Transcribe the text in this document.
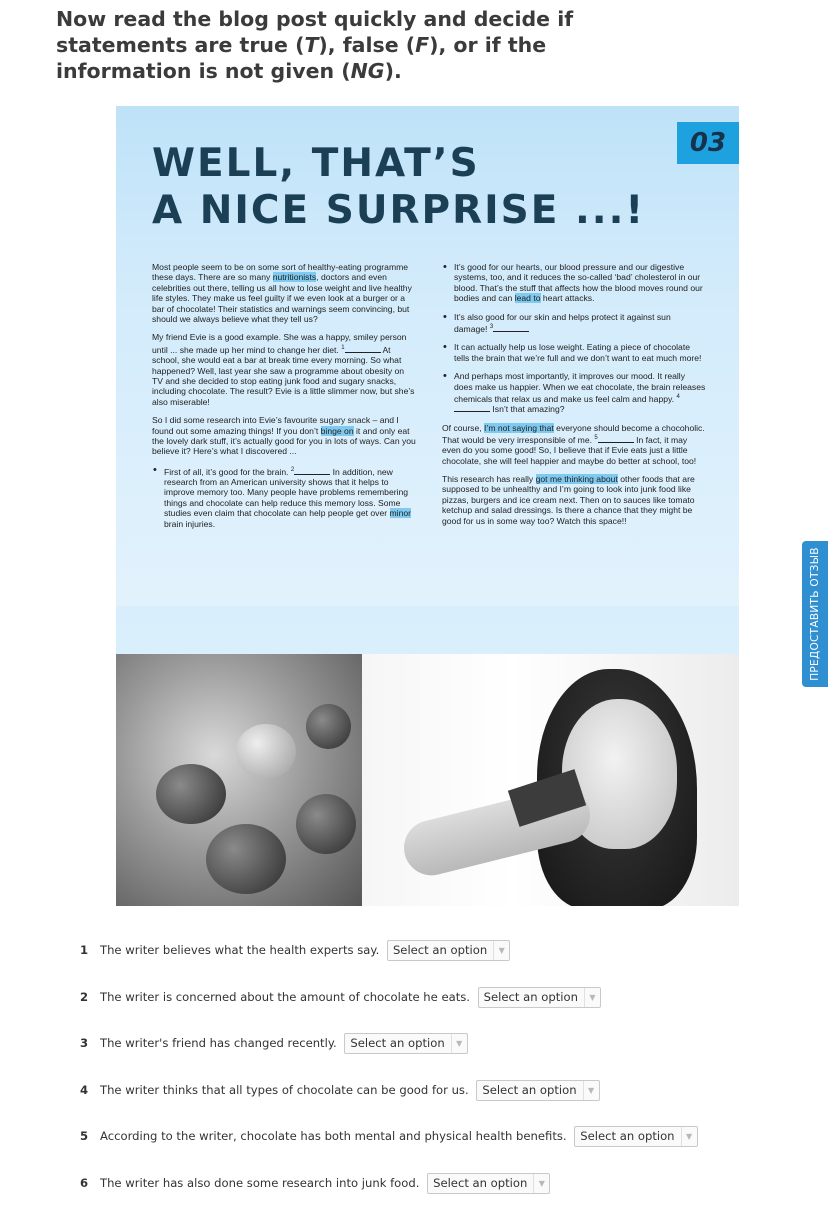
Now read the blog post quickly and decide if statements are true (T), false (F), or if the information is not given (NG).
03
WELL, THAT’S
A NICE SURPRISE ...!

Most people seem to be on some sort of healthy-eating programme these days. There are so many nutritionists, doctors and even celebrities out there, telling us all how to lose weight and live healthy life styles. They make us feel guilty if we even look at a burger or a bar of chocolate! Their statistics and warnings seem convincing, but should we always believe what they tell us?

My friend Evie is a good example. She was a happy, smiley person until ... she made up her mind to change her diet. $^1$	At school, she would eat a bar at break time every morning. So what happened? Well, last year she saw a programme about obesity on TV and she decided to stop eating junk food and sugary snacks, including chocolate. The result? Evie is a little slimmer now, but she’s also miserable!

So I did some research into Evie’s favourite sugary snack – and I found out some amazing things! If you don’t binge on it and only eat the lovely dark stuff, it’s actually good for you in lots of ways. Can you believe it? Here’s what I discovered ...

• First of all, it’s good for the brain. $^2$	In addition, new research from an American university shows that it helps to improve memory too. Many people have problems remembering things and chocolate can help reduce this memory loss. Some studies even claim that chocolate can help people get over minor brain injuries.
• It’s good for our hearts, our blood pressure and our digestive systems, too, and it reduces the so-called ‘bad’ cholesterol in our blood. That’s the stuff that affects how the blood moves round our bodies and can lead to heart attacks.
• It’s also good for our skin and helps protect it against sun damage! $^3$
• It can actually help us lose weight. Eating a piece of chocolate tells the brain that we’re full and we don’t want to eat much more!
• And perhaps most importantly, it improves our mood. It really does make us happier. When we eat chocolate, the brain releases chemicals that relax us and make us feel calm and happy. $^4$ Isn’t that amazing?

Of course, I’m not saying that everyone should become a chocoholic. That would be very irresponsible of me. $^5$	In fact, it may even do you some good! So, I believe that if Evie eats just a little chocolate, she will feel happier and maybe do better at school, too!

This research has really got me thinking about other foods that are supposed to be unhealthy and I’m going to look into junk food like pizzas, burgers and ice cream next. Then on to sauces like tomato ketchup and salad dressings. Is there a chance that they might be good for us in some way too? Watch this space!!

ПРЕДОСТАВИТЬ ОТЗЫВ
1 The writer believes what the health experts say. Select an option	▼
2 The writer is concerned about the amount of chocolate he eats. Select an option	▼
3 The writer's friend has changed recently. Select an option	▼
4 The writer thinks that all types of chocolate can be good for us. Select an option	▼
5 According to the writer, chocolate has both mental and physical health benefits. Select an option	▼
6 The writer has also done some research into junk food. Select an option	▼
